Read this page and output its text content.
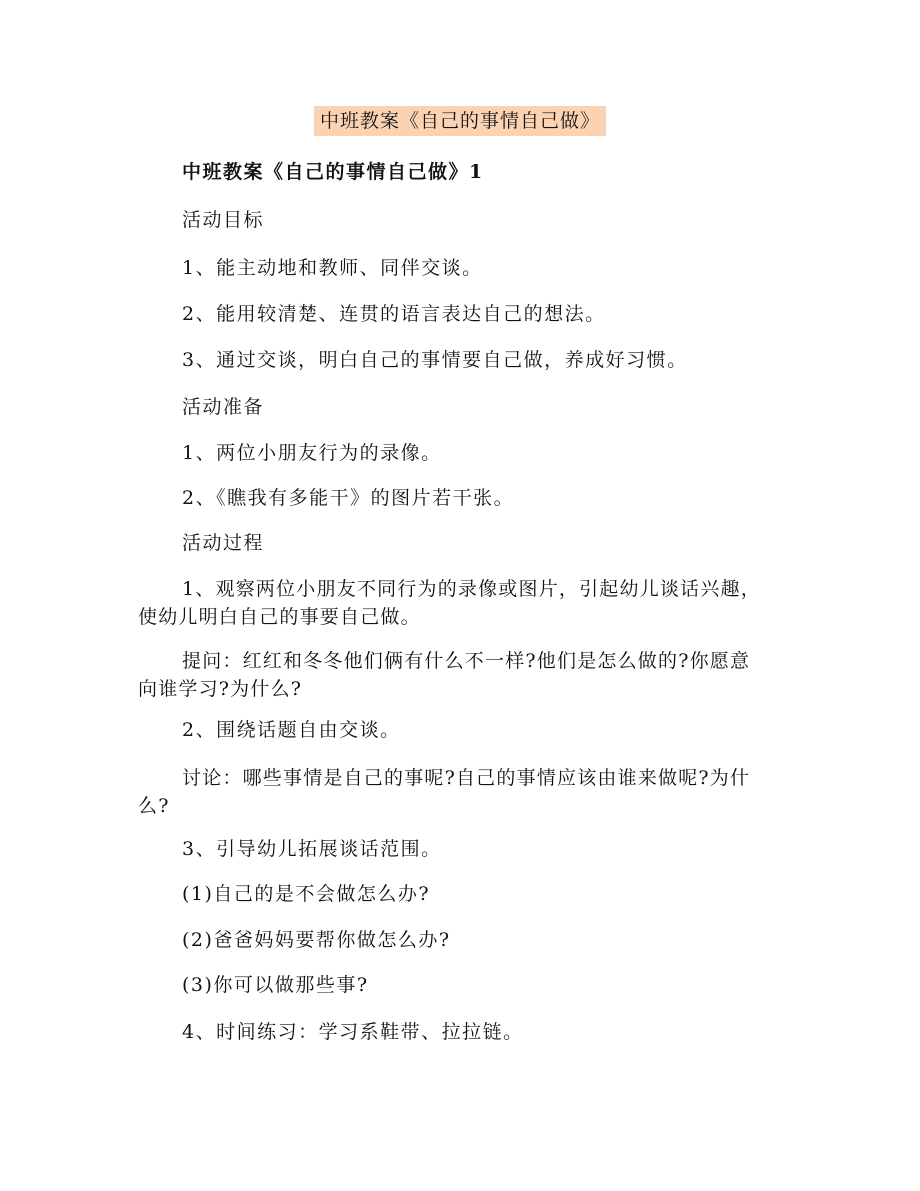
中班教案《自己的事情自己做》
中班教案《自己的事情自己做》1
活动目标
1、能主动地和教师、同伴交谈。
2、能用较清楚、连贯的语言表达自己的想法。
3、通过交谈，明白自己的事情要自己做，养成好习惯。
活动准备
1、两位小朋友行为的录像。
2、《瞧我有多能干》的图片若干张。
活动过程
1、观察两位小朋友不同行为的录像或图片，引起幼儿谈话兴趣，
使幼儿明白自己的事要自己做。
提问：红红和冬冬他们俩有什么不一样?他们是怎么做的?你愿意
向谁学习?为什么?
2、围绕话题自由交谈。
讨论：哪些事情是自己的事呢?自己的事情应该由谁来做呢?为什
么?
3、引导幼儿拓展谈话范围。
(1)自己的是不会做怎么办?
(2)爸爸妈妈要帮你做怎么办?
(3)你可以做那些事?
4、时间练习：学习系鞋带、拉拉链。
